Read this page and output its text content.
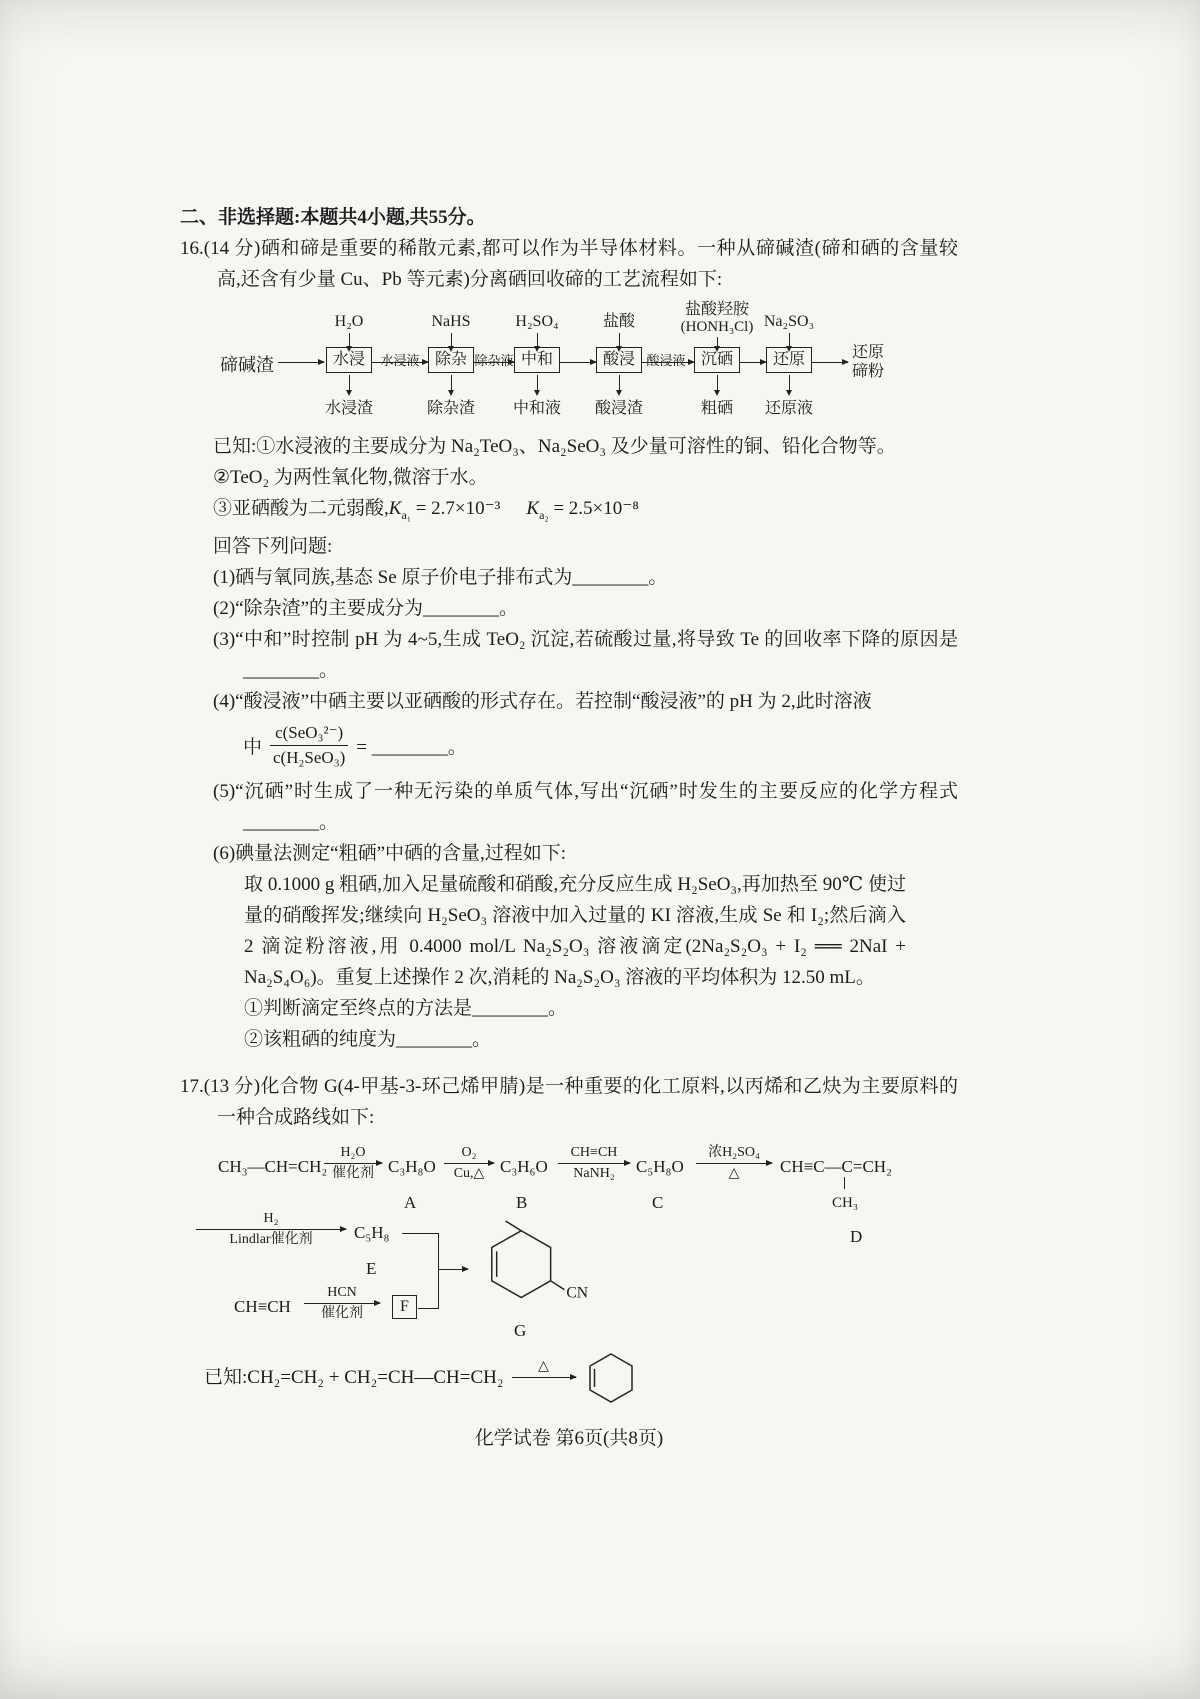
二、非选择题:本题共4小题,共55分。

16.(14 分)硒和碲是重要的稀散元素,都可以作为半导体材料。一种从碲碱渣(碲和硒的含量较高,还含有少量 Cu、Pb 等元素)分离硒回收碲的工艺流程如下:

H₂O	NaHS	H₂SO₄	盐酸
盐酸羟胺
(HONH₃Cl) Na₂SO₃
碲碱渣	水浸	水浸液 除杂 除杂液 中和	酸浸 酸浸液 沉硒	还原	还原
碲粉
水浸渣	除杂渣	中和液	酸浸渣	粗硒	还原液

已知:①水浸液的主要成分为 Na₂TeO₃、Na₂SeO₃ 及少量可溶性的铜、铅化合物等。

②TeO₂ 为两性氧化物,微溶于水。

③亚硒酸为二元弱酸$,K_{a_1} = 2.7\times 10^{-3}$ $K_{a_2} = 2.5\times 10^{-8}$

回答下列问题:

(1)硒与氧同族,基态 Se 原子价电子排布式为________。

(2)“除杂渣”的主要成分为________。

(3)“中和”时控制 pH 为 4~5,生成 TeO₂ 沉淀,若硫酸过量,将导致 Te 的回收率下降的原因是________。

(4)“酸浸液”中硒主要以亚硒酸的形式存在。若控制“酸浸液”的 pH 为 2,此时溶液

中 $\frac{\text{c(SeO₃²⁻)}}{\text{c(H₂SeO₃)}}$ = ________。

(5)“沉硒”时生成了一种无污染的单质气体,写出“沉硒”时发生的主要反应的化学方程式________。

(6)碘量法测定“粗硒”中硒的含量,过程如下:

取 0.1000 g 粗硒,加入足量硫酸和硝酸,充分反应生成 H₂SeO₃,再加热至 90℃ 使过量的硝酸挥发;继续向 H₂SeO₃ 溶液中加入过量的 KI 溶液,生成 Se 和 I₂;然后滴入 2 滴淀粉溶液,用 0.4000 mol/L Na₂S₂O₃ 溶液滴定(2Na₂S₂O₃ + I₂ ══ 2NaI + Na₂S₄O₆)。重复上述操作 2 次,消耗的 Na₂S₂O₃ 溶液的平均体积为 12.50 mL。

①判断滴定至终点的方法是________。

②该粗硒的纯度为________。

17.(13 分)化合物 G(4-甲基-3-环己烯甲腈)是一种重要的化工原料,以丙烯和乙炔为主要原料的一种合成路线如下:

CH₃—CH=CH₂
H₂O
催化剂 C₃H₈O
A
O₂
Cu,△ C₃H₆O
B
CH≡CH
NaNH₂ C₅H₈O
C
浓H₂SO₄
△ CH≡C—C=CH₂
CH₃
D
H₂
Lindlar催化剂 C₅H₈
E
CN
G
CH≡CH
HCN
催化剂	F
已知:CH₂=CH₂ + CH₂=CH—CH=CH₂
△

化学试卷 第6页(共8页)
